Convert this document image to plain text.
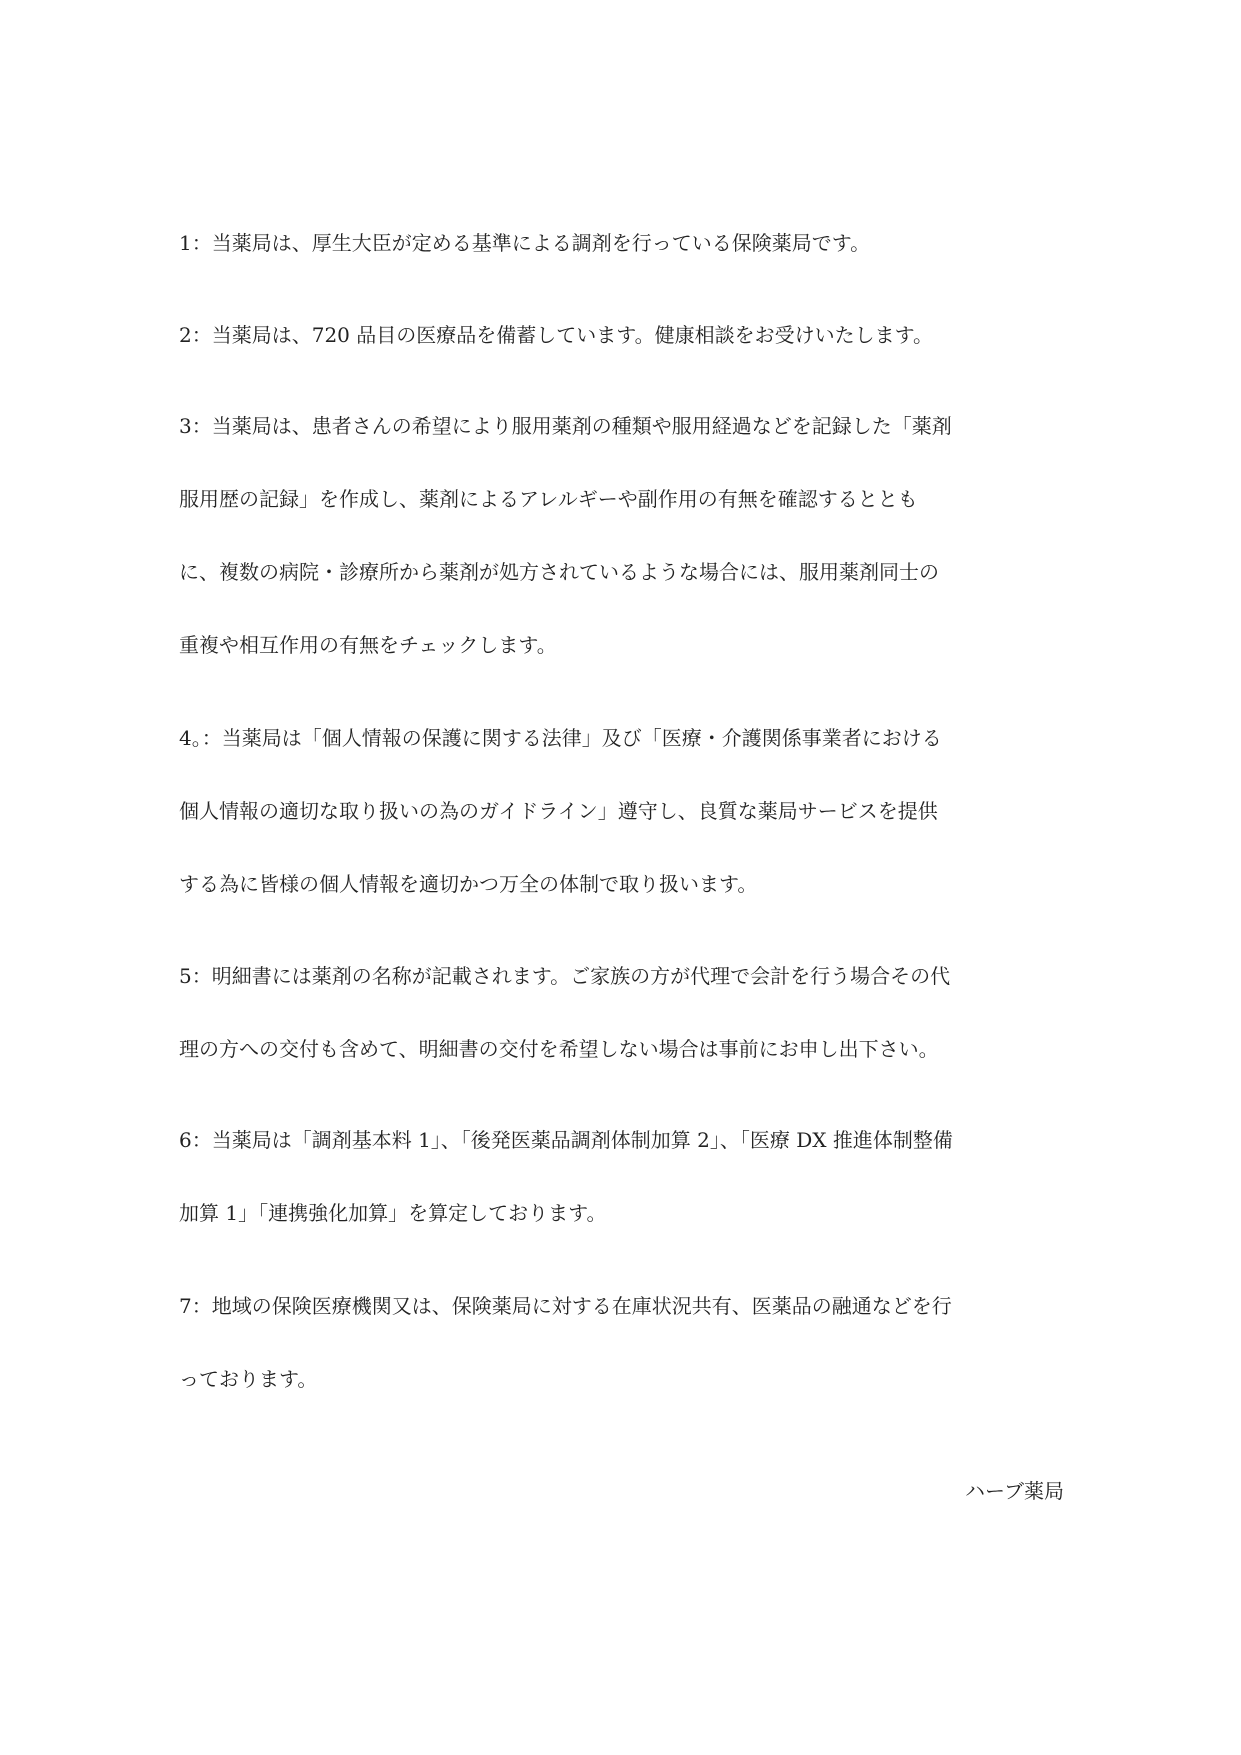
1：当薬局は、厚生大臣が定める基準による調剤を行っている保険薬局です。
2：当薬局は、720 品目の医療品を備蓄しています。健康相談をお受けいたします。
3：当薬局は、患者さんの希望により服用薬剤の種類や服用経過などを記録した「薬剤
服用歴の記録」を作成し、薬剤によるアレルギーや副作用の有無を確認するととも
に、複数の病院・診療所から薬剤が処方されているような場合には、服用薬剤同士の
重複や相互作用の有無をチェックします。
4。：当薬局は「個人情報の保護に関する法律」及び「医療・介護関係事業者における
個人情報の適切な取り扱いの為のガイドライン」遵守し、良質な薬局サービスを提供
する為に皆様の個人情報を適切かつ万全の体制で取り扱います。
5：明細書には薬剤の名称が記載されます。ご家族の方が代理で会計を行う場合その代
理の方への交付も含めて、明細書の交付を希望しない場合は事前にお申し出下さい。
6：当薬局は「調剤基本料 1」、「後発医薬品調剤体制加算 2」、「医療 DX 推進体制整備
加算 1」「連携強化加算」を算定しております。
7：地域の保険医療機関又は、保険薬局に対する在庫状況共有、医薬品の融通などを行
っております。
ハーブ薬局
